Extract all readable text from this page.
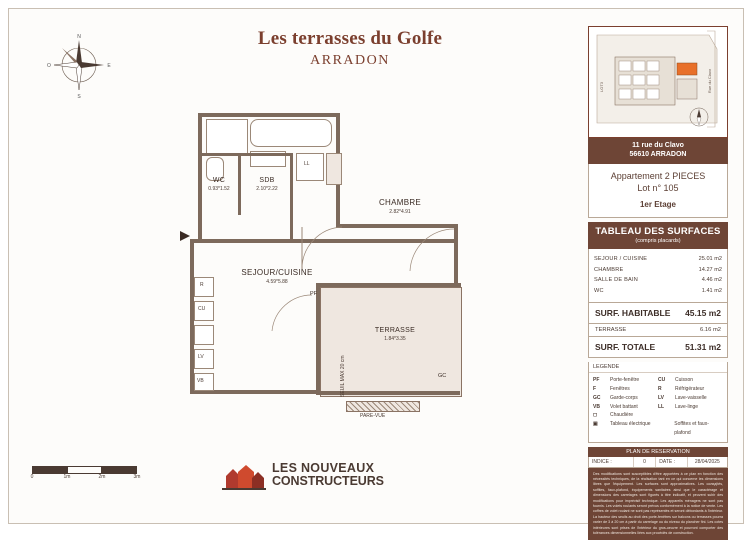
N
S
E
O
Les terrasses du Golfe
ARRADON
LL
WC
0.93*1.52
SDB
2.10*2.22
CHAMBRE
2.82*4.91
SEJOUR/CUISINE
4.59*5.88
R
CU
LV
VB
PF
TERRASSE
1.84*3.35
PARE-VUE
GC
SEUIL MAX 20 cm
0	1m	2m	3m
LES NOUVEAUX
CONSTRUCTEURS
Rue du Clavo
LOT3
11 rue du Clavo
56610 ARRADON
Appartement 2 PIECES
Lot n° 105
1er Etage
TABLEAU DES SURFACES
(compris placards)
SEJOUR / CUISINE	25.01 m2
CHAMBRE	14.27 m2
SALLE DE BAIN	4.46 m2
WC	1.41 m2
SURF. HABITABLE 45.15 m2
TERRASSE	6.16 m2
SURF. TOTALE	51.31 m2
LEGENDE
PF	Porte-fenêtre	CU	Cuisson
F	Fenêtres	R	Réfrigérateur
GC	Garde-corps	LV	Lave-vaisselle
VB	Volet battant	LL	Lave-linge
◻	Chaudière
▣	Tableau électrique	Soffites et faux-plafond
PLAN DE RESERVATION
INDICE :	0	DATE :	28/04/2025
Des modifications sont susceptibles d'être apportées à ce plan en fonction des nécessités techniques, de la réalisation tant en ce qui concerne les dimensions libres que l'équipement. Les surfaces sont approximatives. Les солидités, soffites, faux-plafond, équipements sanitaires ainsi que le caractérage et dimensions des carrelages sont figurés à titre indicatif, et peuvent subir des modifications pour imprévisif technique. Les appareils ménagers ne sont pas fournis. Les volets roulants seront prévus conformément à la notice de vente. Les coffres de volet roulant ne sont pas représentés et seront débordants à l'intérieur. La hauteur des seuils au droit des porte-fenêtres sur balcons ou terrasses pourra varier de 3 à 20 cm à partir du carrelage ou du niveau du plancher fini. Les cotes intérieures sont prises de l'intérieur du gros-oeuvre et pourront comporter des tolérances dimensionnelles liées aux procédés de construction.
